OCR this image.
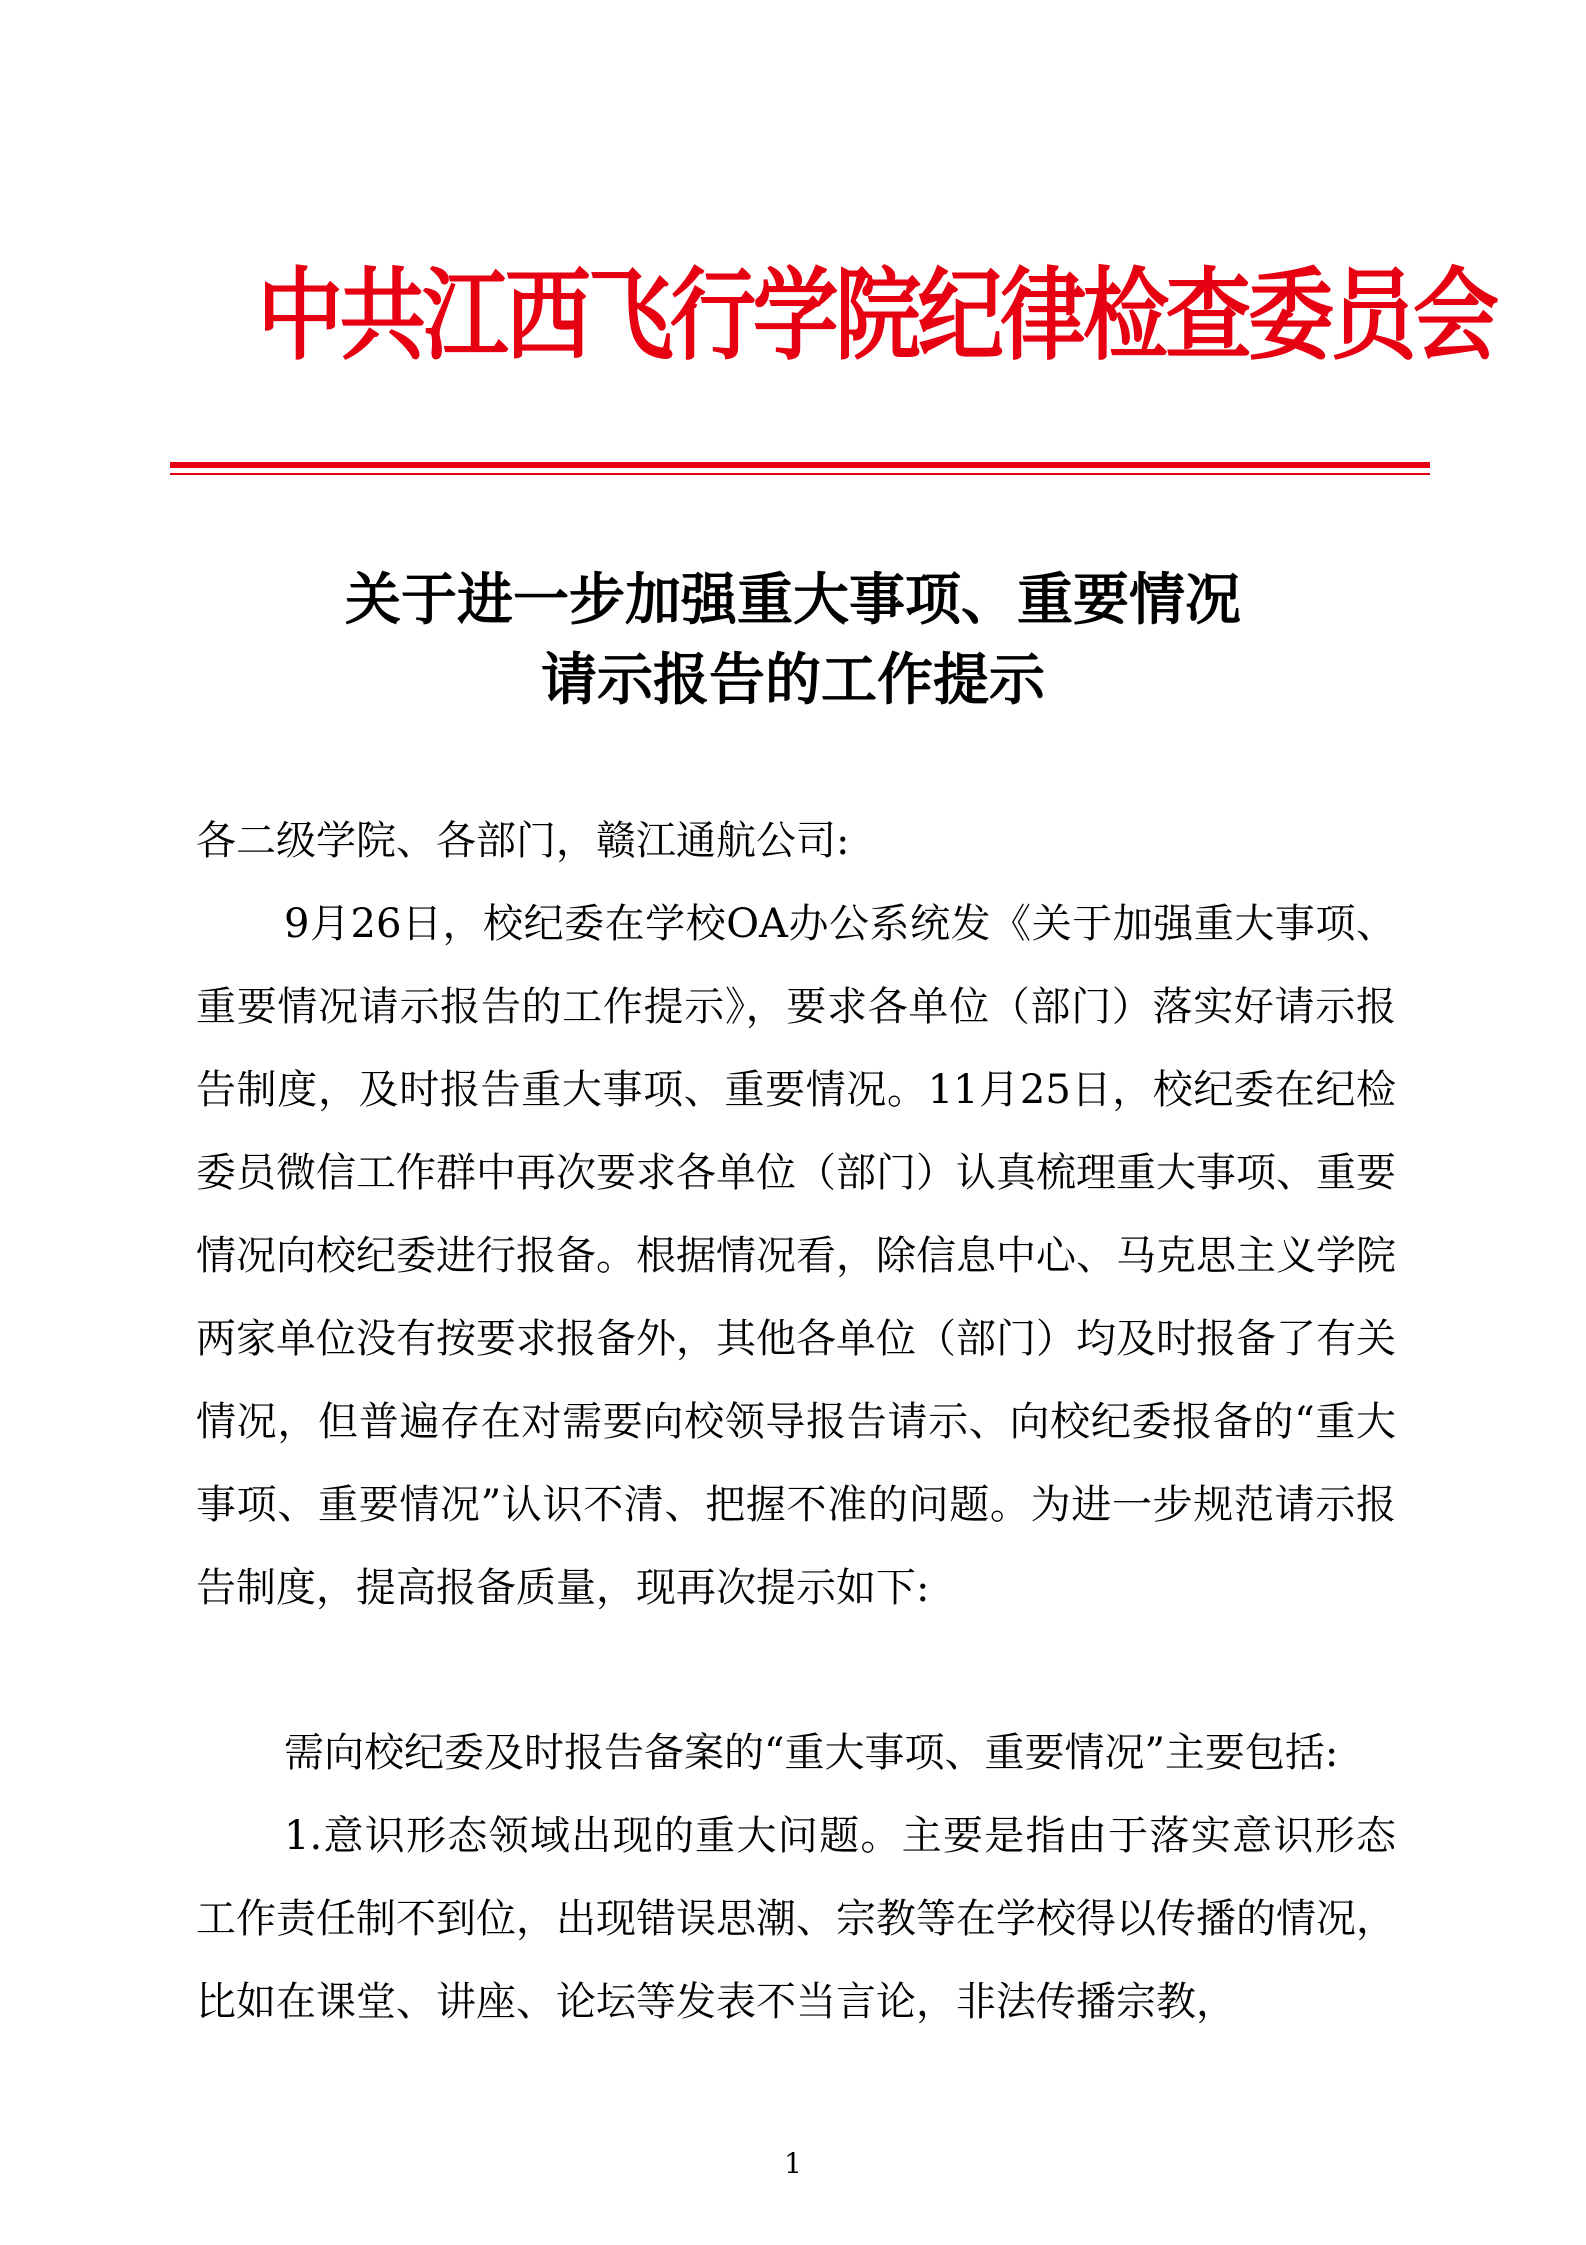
中共江西飞行学院纪律检查委员会
关于进一步加强重大事项、重要情况
请示报告的工作提示
各二级学院、各部门，赣江通航公司:

9月26日，校纪委在学校OA办公系统发《关于加强重大事项、重要情况请示报告的工作提示》，要求各单位（部门）落实好请示报告制度，及时报告重大事项、重要情况。11月25日，校纪委在纪检委员微信工作群中再次要求各单位（部门）认真梳理重大事项、重要情况向校纪委进行报备。根据情况看，除信息中心、马克思主义学院两家单位没有按要求报备外，其他各单位（部门）均及时报备了有关情况，但普遍存在对需要向校领导报告请示、向校纪委报备的“重大事项、重要情况”认识不清、把握不准的问题。为进一步规范请示报告制度，提高报备质量，现再次提示如下:

需向校纪委及时报告备案的“重大事项、重要情况”主要包括:

1.意识形态领域出现的重大问题。主要是指由于落实意识形态工作责任制不到位，出现错误思潮、宗教等在学校得以传播的情况，比如在课堂、讲座、论坛等发表不当言论，非法传播宗教，

1
